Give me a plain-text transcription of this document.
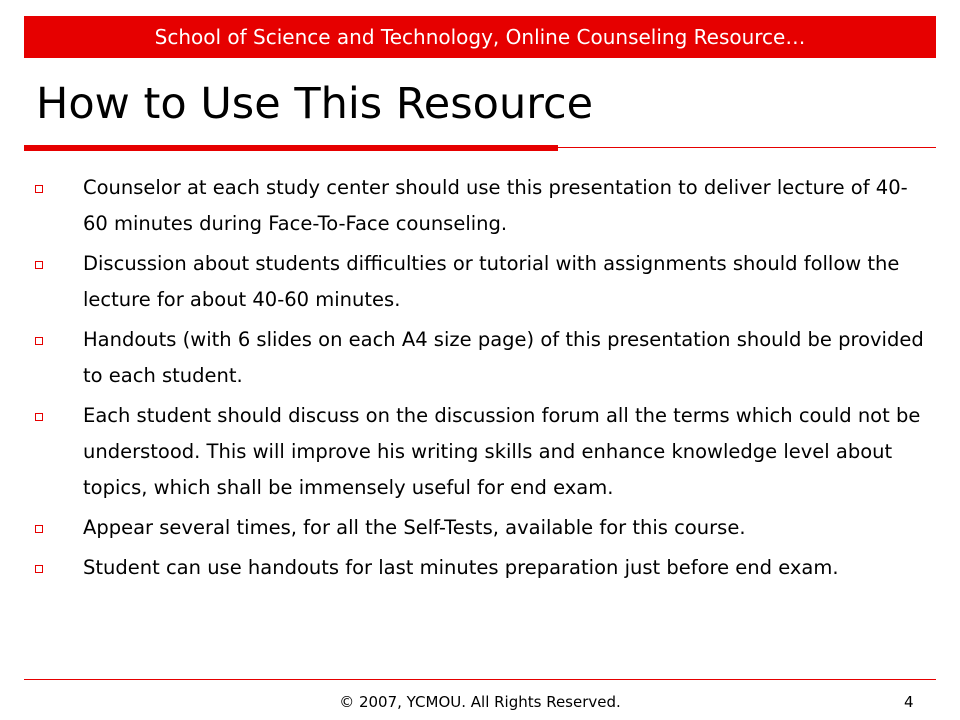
School of Science and Technology, Online Counseling Resource…
How to Use This Resource
Counselor at each study center should use this presentation to deliver lecture of 40-60 minutes during Face-To-Face counseling.
Discussion about students difficulties or tutorial with assignments should follow the lecture for about 40-60 minutes.
Handouts (with 6 slides on each A4 size page) of this presentation should be provided to each student.
Each student should discuss on the discussion forum all the terms which could not be understood. This will improve his writing skills and enhance knowledge level about topics, which shall be immensely useful for end exam.
Appear several times, for all the Self-Tests, available for this course.
Student can use handouts for last minutes preparation just before end exam.
© 2007, YCMOU. All Rights Reserved.	4
